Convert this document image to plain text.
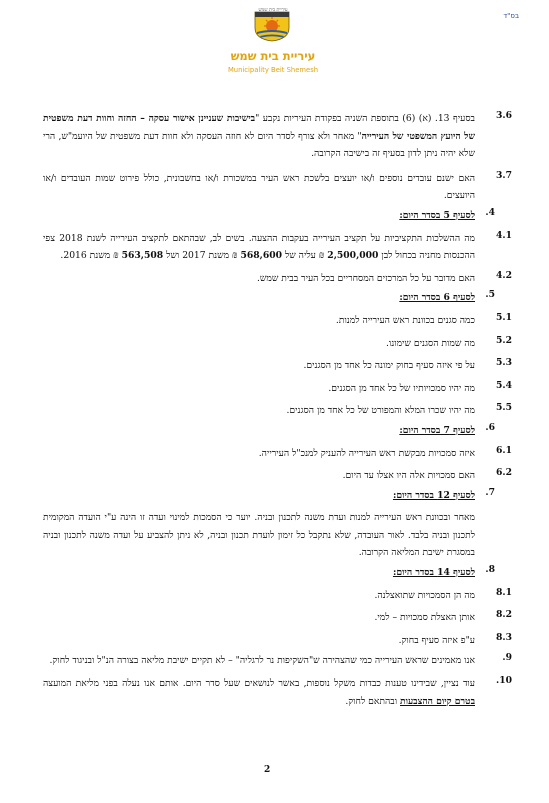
בס"ד
עיריית בית שמש
עיריית בית שמש
Municipality Beit Shemesh
3.6
בסעיף 13. (א) (6) בתוספת השניה בפקודת העיריות נקבע "בישיבות שעניינן אישור עסקה – החזה וחוות דעת משפטית של היועץ המשפטי של העירייה" מאחר ולא צורף לסדר היום לא חוזה העסקה ולא חוות דעת משפטית של היועמ"ש, הרי שלא יהיה ניתן לדון בסעיף זה בישיבה הקרובה.
3.7
האם ישנם עובדים נוספים ו/או יועצים בלשכת ראש העיר במשכורת ו/או בחשבונית, כולל פירוט שמות העובדים ו/או היועצים.
.4
לסעיף 5 בסדר היום:
4.1
מה ההשלכות התקציביות על תקציב העירייה בעקבות ההצעה. בשים לב, שבהתאם לתקציב העירייה לשנת 2018 צפי ההכנסות מחניה בכחול לבן 2,500,000 ₪ עליה של 568,600 ₪ משנת 2017 ושל 563,508 ₪ משנת 2016.
4.2
האם מדובר על כל המרכזים המסחריים בכל העיר בבית שמש.
.5
לסעיף 6 בסדר היום:
5.1
כמה סגנים בכוונת ראש העירייה למנות.
5.2
מה שמות הסגנים שימונו.
5.3
על פי איזה סעיף בחוק ימונה כל אחד מן הסגנים.
5.4
מה יהיו סמכויותיו של כל אחד מן הסגנים.
5.5
מה יהיו שכרו המלא והמפורט של כל אחד מן הסגנים.
.6
לסעיף 7 בסדר היום:
6.1
איזה סמכויות מבקשת ראש העירייה להעניק למנכ"ל העירייה.
6.2
האם סמכויות אלה היו אצלו עד היום.
.7
לסעיף 12 בסדר היום:
מאחר ובכוונת ראש העירייה למנות ועדת משנה לתכנון ובניה. יוער כי הסמכות למינוי ועדה זו הינה ע"י הועדה המקומית לתכנון ובניה בלבד. לאור העובדה, שלא נתקבל כל זימון לועדת תכנון ובניה, לא ניתן להצביע על ועדה משנה לתכנון ובניה במסגרת ישיבת המליאה הקרובה.
.8
לסעיף 14 בסדר היום:
8.1
מה הן הסמכויות שתואצלנה.
8.2
אותן האצלת סמכויות – למי.
8.3
ע"פ איזה סעיף בחוק.
.9
אנו מאמינים שראש העירייה כמי שהצהירה ש"השקיפות נר לרגליה" – לא תקיים ישיבת מליאה בצורה הנ"ל ובניגוד לחוק.
.10
עוד נציין, שבידינו טענות כבדות משקל נוספות, באשר לנושאים שעל סדר היום. אותם אנו נעלה בפני מליאת המועצה בטרם קיום ההצבעות ובהתאם לחוק.
2
